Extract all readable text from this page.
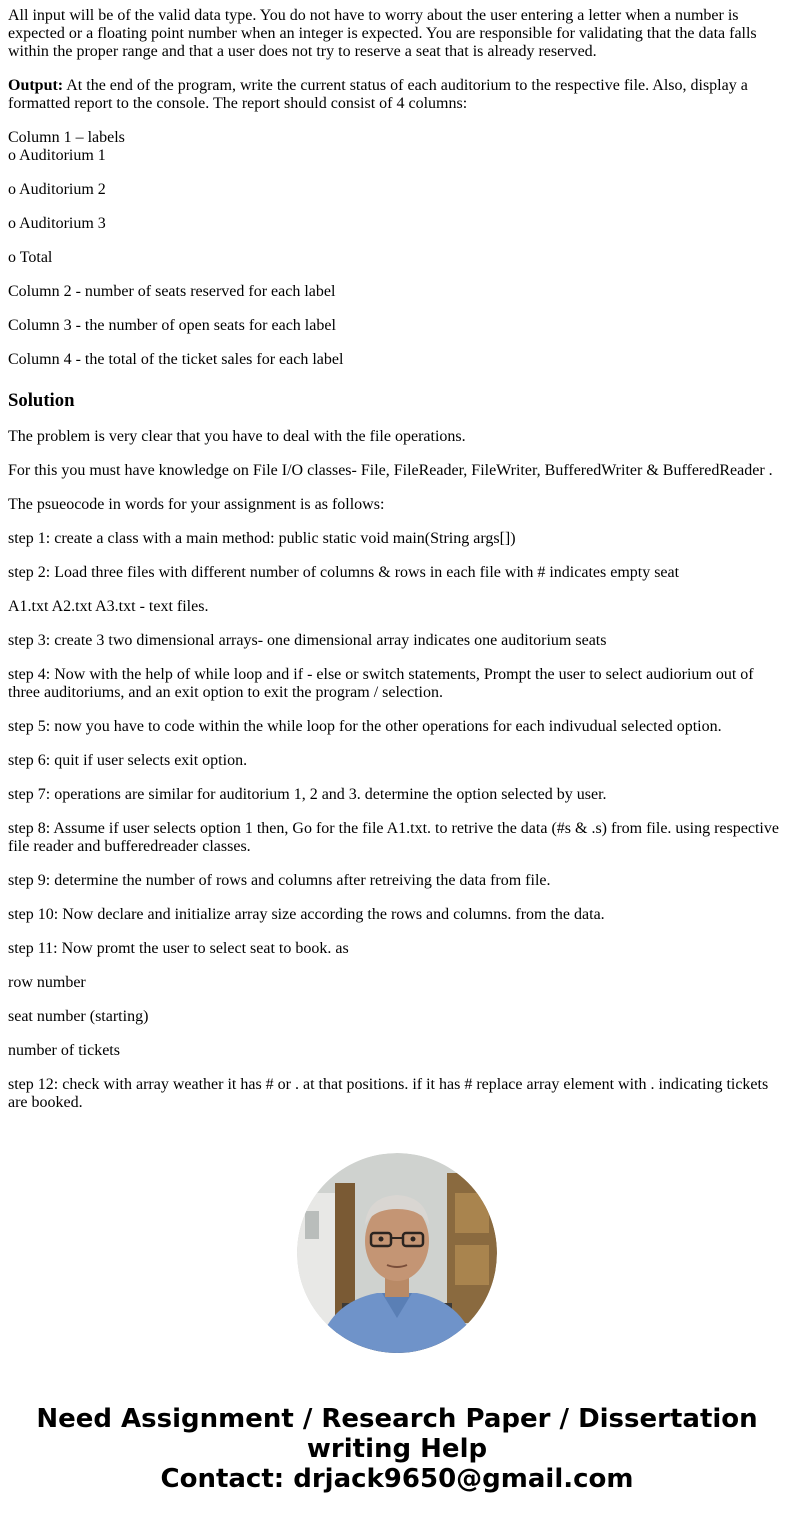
All input will be of the valid data type. You do not have to worry about the user entering a letter when a number is expected or a floating point number when an integer is expected. You are responsible for validating that the data falls within the proper range and that a user does not try to reserve a seat that is already reserved.

Output: At the end of the program, write the current status of each auditorium to the respective file. Also, display a formatted report to the console. The report should consist of 4 columns:

Column 1 – labels

o Auditorium 1

o Auditorium 2

o Auditorium 3

o Total

Column 2 - number of seats reserved for each label

Column 3 - the number of open seats for each label

Column 4 - the total of the ticket sales for each label

Solution

The problem is very clear that you have to deal with the file operations.

For this you must have knowledge on File I/O classes- File, FileReader, FileWriter, BufferedWriter & BufferedReader .

The psueocode in words for your assignment is as follows:

step 1: create a class with a main method: public static void main(String args[])

step 2: Load three files with different number of columns & rows in each file with # indicates empty seat

A1.txt A2.txt A3.txt - text files.

step 3: create 3 two dimensional arrays- one dimensional array indicates one auditorium seats

step 4: Now with the help of while loop and if - else or switch statements, Prompt the user to select audiorium out of three auditoriums, and an exit option to exit the program / selection.

step 5: now you have to code within the while loop for the other operations for each indivudual selected option.

step 6: quit if user selects exit option.

step 7: operations are similar for auditorium 1, 2 and 3. determine the option selected by user.

step 8: Assume if user selects option 1 then, Go for the file A1.txt. to retrive the data (#s & .s) from file. using respective file reader and bufferedreader classes.

step 9: determine the number of rows and columns after retreiving the data from file.

step 10: Now declare and initialize array size according the rows and columns. from the data.

step 11: Now promt the user to select seat to book. as

row number

seat number (starting)

number of tickets

step 12: check with array weather it has # or . at that positions. if it has # replace array element with . indicating tickets are booked.

Need Assignment / Research Paper / Dissertation
writing Help
Contact: drjack9650@gmail.com
